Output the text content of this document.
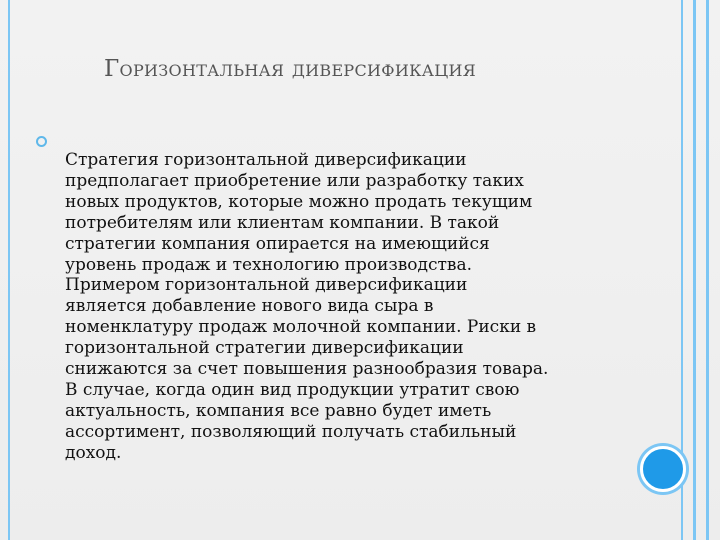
Горизонтальная диверсификация

Стратегия горизонтальной диверсификации
предполагает приобретение или разработку таких
новых продуктов, которые можно продать текущим
потребителям или клиентам компании. В такой
стратегии компания опирается на имеющийся
уровень продаж и технологию производства.
Примером горизонтальной диверсификации
является добавление нового вида сыра в
номенклатуру продаж молочной компании. Риски в
горизонтальной стратегии диверсификации
снижаются за счет повышения разнообразия товара.
В случае, когда один вид продукции утратит свою
актуальность, компания все равно будет иметь
ассортимент, позволяющий получать стабильный
доход.
